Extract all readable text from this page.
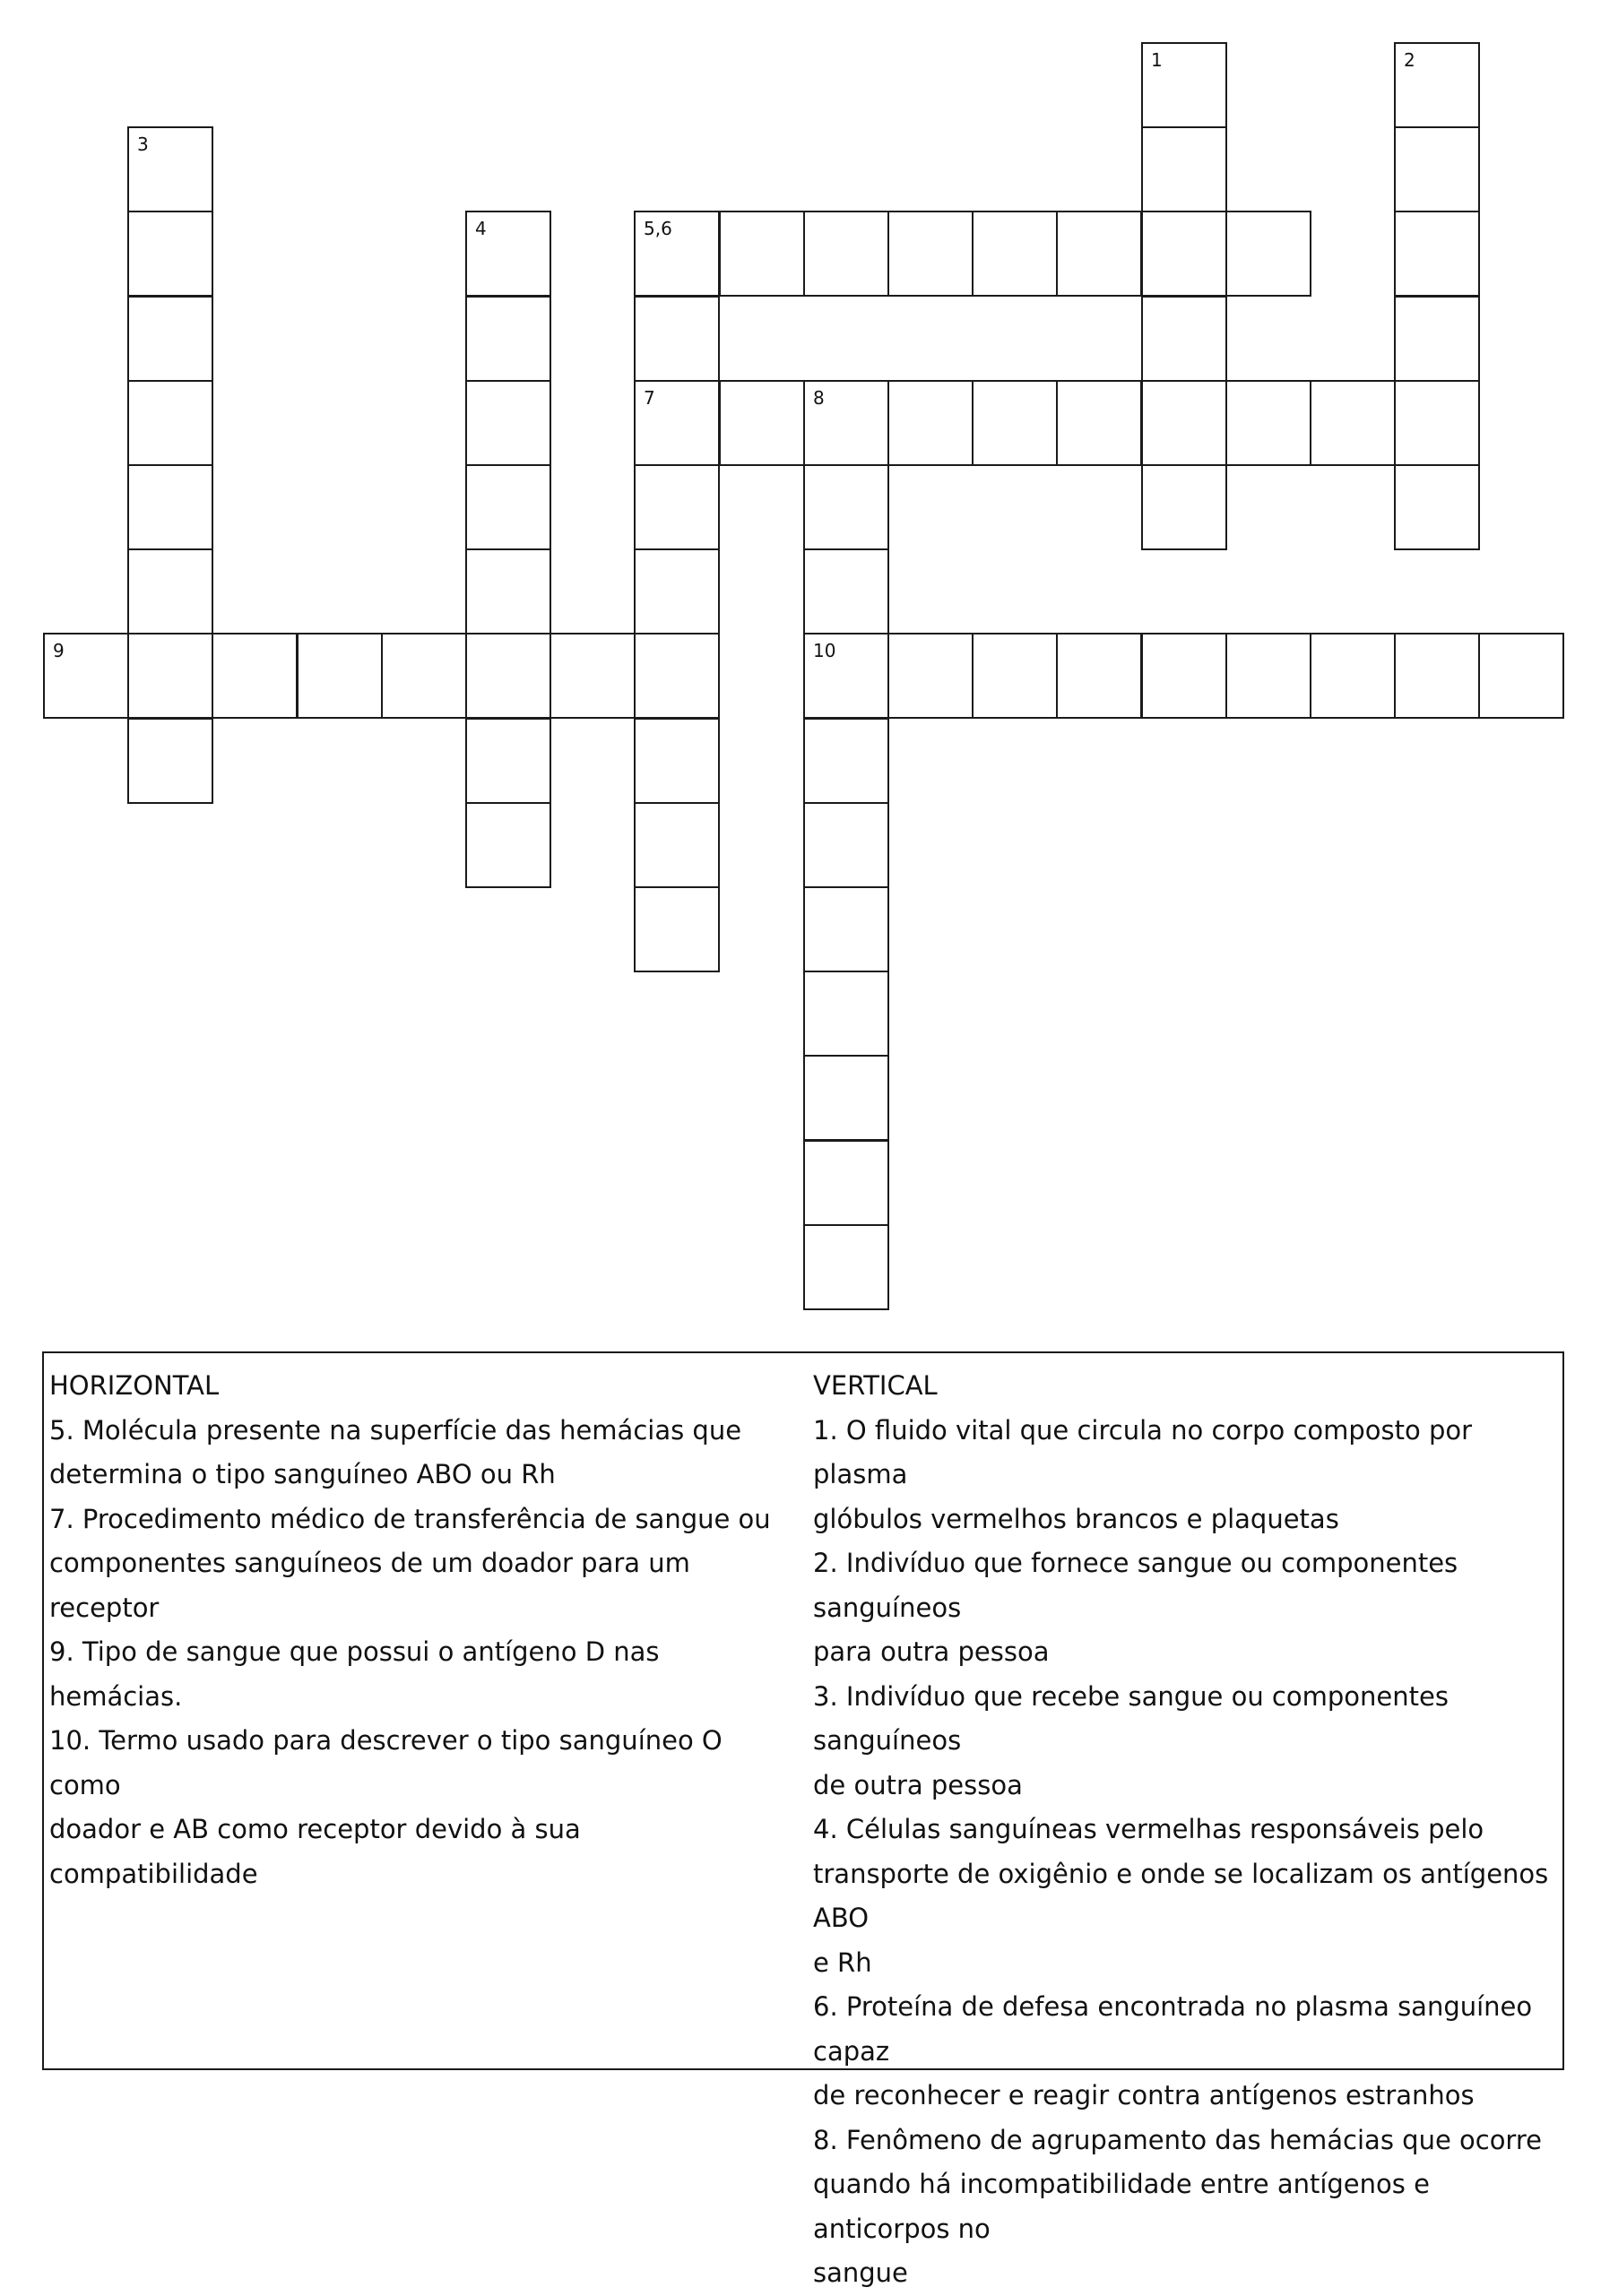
1	2
3
4	5,6
7	8
10
9

HORIZONTAL

5. Molécula presente na superfície das hemácias que

determina o tipo sanguíneo ABO ou Rh

7. Procedimento médico de transferência de sangue ou

componentes sanguíneos de um doador para um receptor

9. Tipo de sangue que possui o antígeno D nas hemácias.

10. Termo usado para descrever o tipo sanguíneo O como

doador e AB como receptor devido à sua compatibilidade

VERTICAL

1. O fluido vital que circula no corpo composto por plasma

glóbulos vermelhos brancos e plaquetas

2. Indivíduo que fornece sangue ou componentes sanguíneos

para outra pessoa

3. Indivíduo que recebe sangue ou componentes sanguíneos

de outra pessoa

4. Células sanguíneas vermelhas responsáveis pelo

transporte de oxigênio e onde se localizam os antígenos ABO

e Rh

6. Proteína de defesa encontrada no plasma sanguíneo capaz

de reconhecer e reagir contra antígenos estranhos

8. Fenômeno de agrupamento das hemácias que ocorre

quando há incompatibilidade entre antígenos e anticorpos no

sangue
